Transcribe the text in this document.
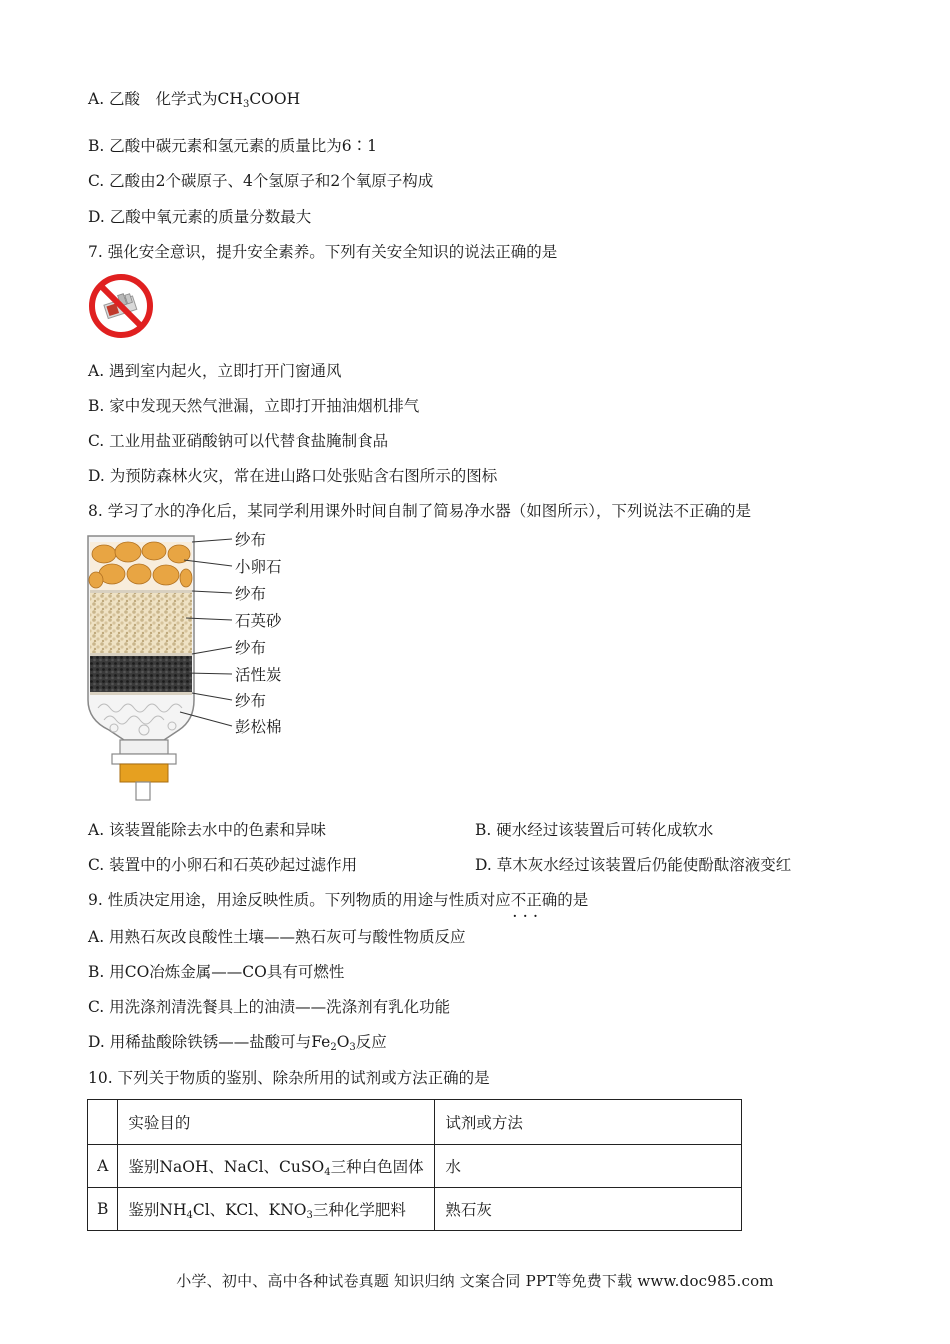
A. 乙酸　化学式为$CH_3COOH$
B. 乙酸中碳元素和氢元素的质量比为6∶1
C. 乙酸由2个碳原子、4个氢原子和2个氧原子构成
D. 乙酸中氧元素的质量分数最大
7. 强化安全意识，提升安全素养。下列有关安全知识的说法正确的是
A. 遇到室内起火，立即打开门窗通风
B. 家中发现天然气泄漏，立即打开抽油烟机排气
C. 工业用盐亚硝酸钠可以代替食盐腌制食品
D. 为预防森林火灾，常在进山路口处张贴含右图所示的图标
8. 学习了水的净化后，某同学利用课外时间自制了简易净水器（如图所示），下列说法不正确的是
纱布
小卵石
纱布
石英砂
纱布
活性炭
纱布
彭松棉
A. 该装置能除去水中的色素和异味	B. 硬水经过该装置后可转化成软水
C. 装置中的小卵石和石英砂起过滤作用	D. 草木灰水经过该装置后仍能使酚酞溶液变红
9. 性质决定用途，用途反映性质。下列物质的用途与性质对应不正确 · · ·的是
A. 用熟石灰改良酸性土壤——熟石灰可与酸性物质反应
B. 用CO冶炼金属——CO具有可燃性
C. 用洗涤剂清洗餐具上的油渍——洗涤剂有乳化功能
D. 用稀盐酸除铁锈——盐酸可与$Fe_2O_3$反应
10. 下列关于物质的鉴别、除杂所用的试剂或方法正确的是
	实验目的	试剂或方法
A	鉴别NaOH、NaCl、CuSO$_4$三种白色固体	水
B	鉴别$NH_4Cl$、KCl、$KNO_3$三种化学肥料	熟石灰
小学、初中、高中各种试卷真题 知识归纳 文案合同 PPT等免费下载 www.doc985.com
